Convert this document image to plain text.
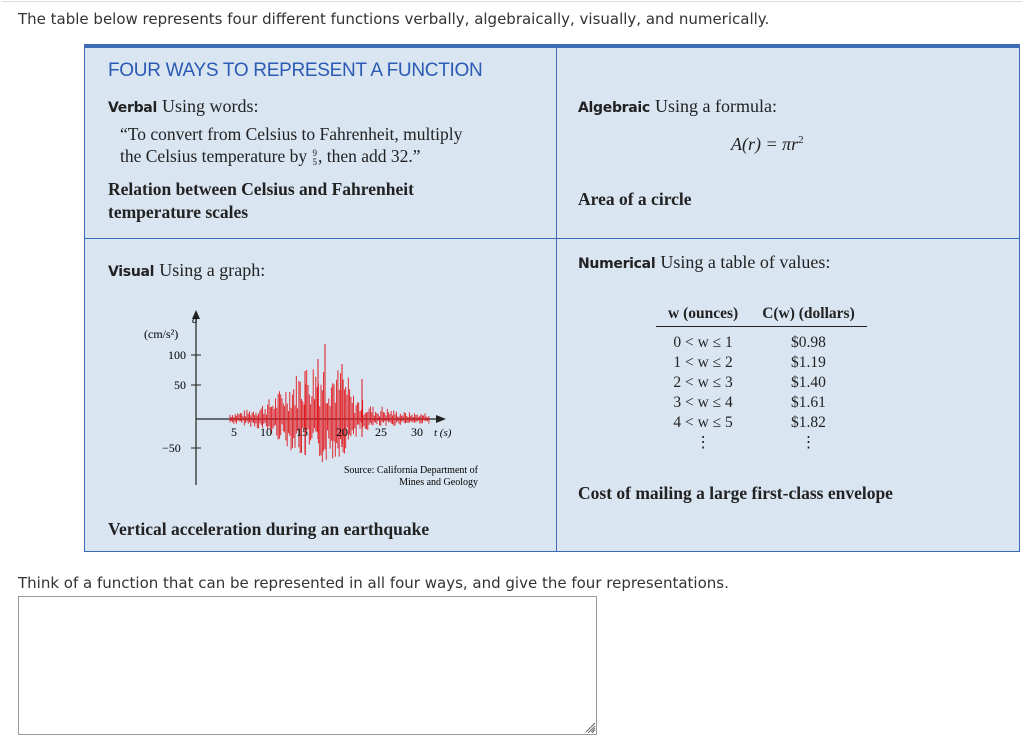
The table below represents four different functions verbally, algebraically, visually, and numerically.
FOUR WAYS TO REPRESENT A FUNCTION
Verbal Using words:
“To convert from Celsius to Fahrenheit, multiply
the Celsius temperature by 9
5 , then add 32.”
Relation between Celsius and Fahrenheit
temperature scales
Algebraic Using a formula:
$A(r) = \pi r^2$
Area of a circle
Visual Using a graph:
a
(cm/s²)
100
50
−50
5 10 15 20 25 30 t (s)
Source: California Department of
Mines and Geology
Vertical acceleration during an earthquake
Numerical Using a table of values:
w (ounces)	C(w) (dollars)

0 < w ≤ 1	$0.98
1 < w ≤ 2	$1.19
2 < w ≤ 3	$1.40
3 < w ≤ 4	$1.61
4 < w ≤ 5	$1.82
⋮	⋮
Cost of mailing a large first-class envelope
Think of a function that can be represented in all four ways, and give the four representations.
